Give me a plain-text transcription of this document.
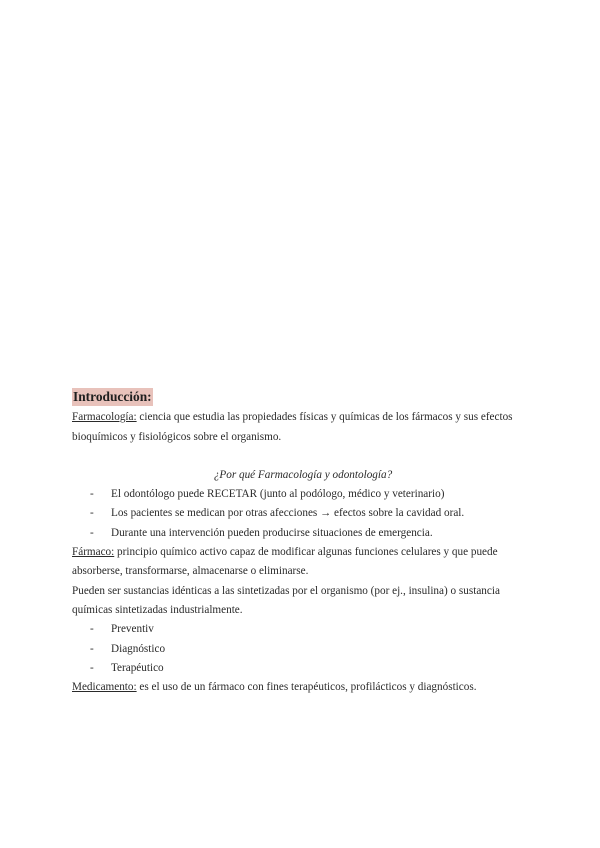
Introducción:

Farmacología: ciencia que estudia las propiedades físicas y químicas de los fármacos y sus efectos bioquímicos y fisiológicos sobre el organismo.

¿Por qué Farmacología y odontología?

- El odontólogo puede RECETAR (junto al podólogo, médico y veterinario)
- Los pacientes se medican por otras afecciones → efectos sobre la cavidad oral.
- Durante una intervención pueden producirse situaciones de emergencia.

Fármaco: principio químico activo capaz de modificar algunas funciones celulares y que puede absorberse, transformarse, almacenarse o eliminarse.

Pueden ser sustancias idénticas a las sintetizadas por el organismo (por ej., insulina) o sustancia químicas sintetizadas industrialmente.

- Preventiv
- Diagnóstico
- Terapéutico

Medicamento: es el uso de un fármaco con fines terapéuticos, profilácticos y diagnósticos.
